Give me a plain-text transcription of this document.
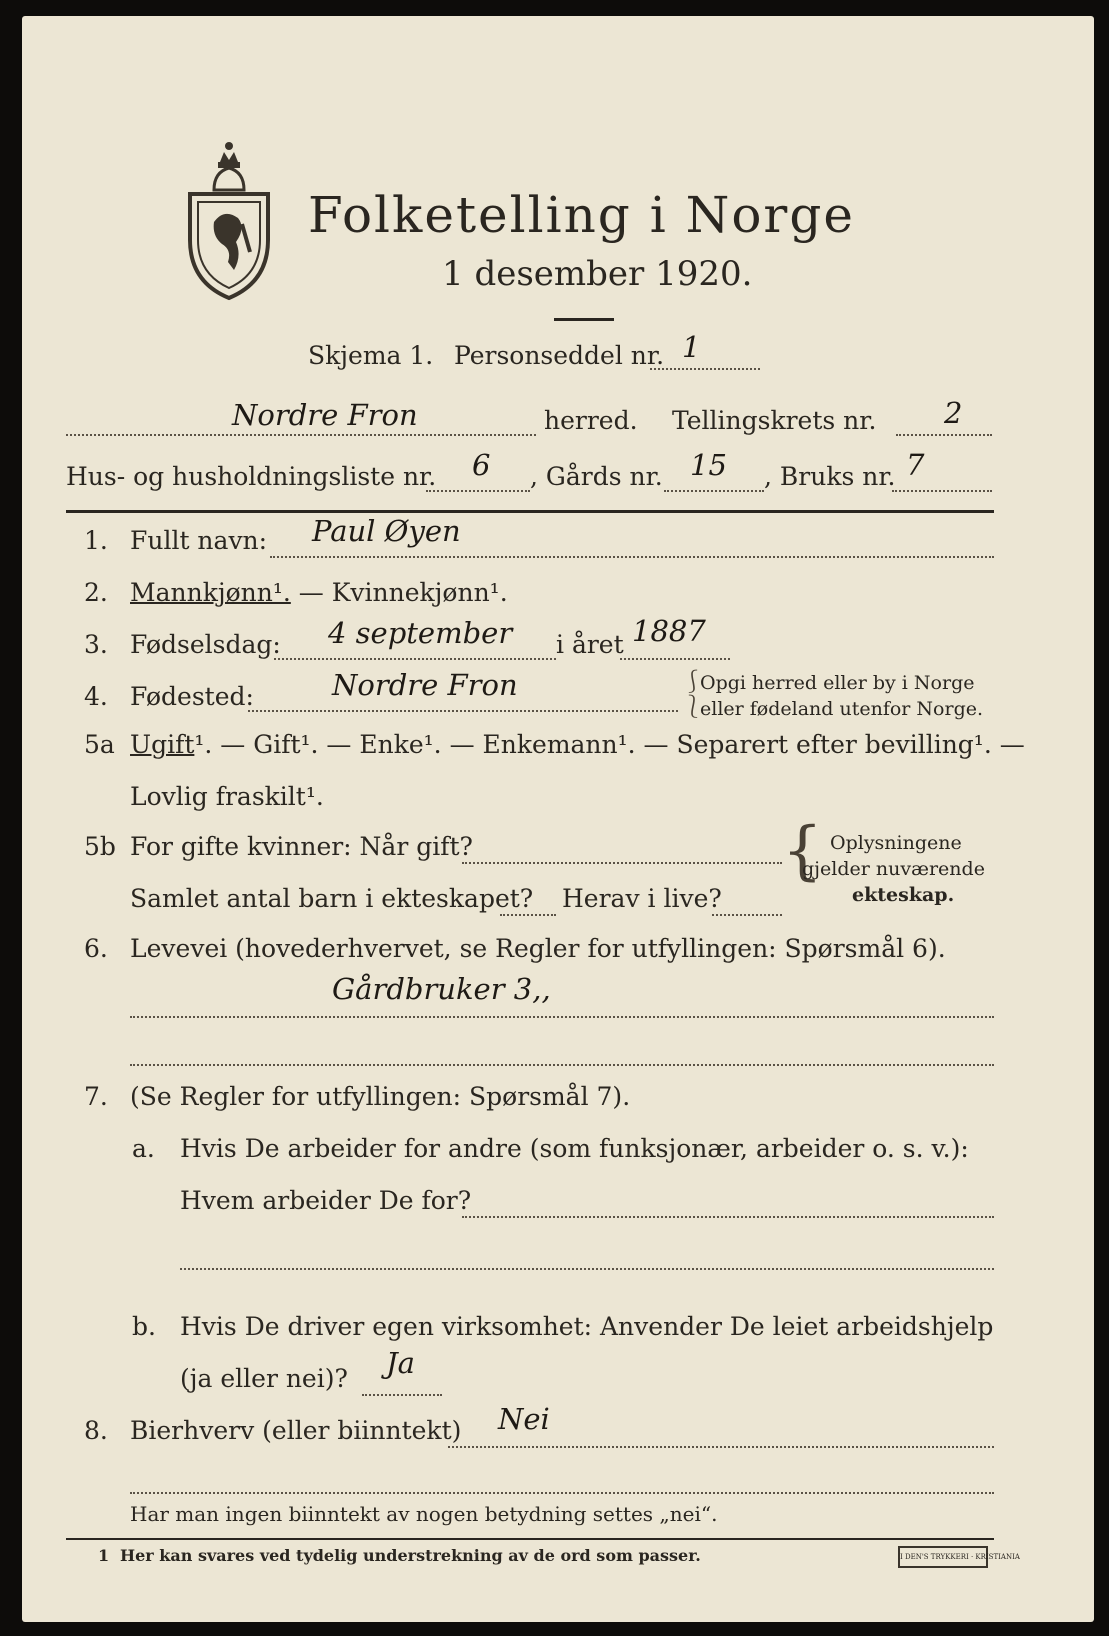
Folketelling i Norge
1 desember 1920.
Skjema 1. Personseddel nr. 1
Nordre Fron	herred. Tellingskrets nr. 2
Hus- og husholdningsliste nr. 6 , Gårds nr. 15 , Bruks nr. 7
1. Fullt navn: Paul Øyen
2. Mannkjønn¹. — Kvinnekjønn¹.
3. Fødselsdag: 4 september i året 1887
4. Fødested:	Nordre Fron	⎰
⎱
Opgi herred eller by i Norge
eller fødeland utenfor Norge.
5a Ugift¹. — Gift¹. — Enke¹. — Enkemann¹. — Separert efter bevilling¹. —
Lovlig fraskilt¹.
5b For gifte kvinner: Når gift?
Samlet antal barn i ekteskapet? Herav i live?
{ Oplysningene
gjelder nuværende
ekteskap.
6. Levevei (hovederhvervet, se Regler for utfyllingen: Spørsmål 6).
Gårdbruker 3,,
7. (Se Regler for utfyllingen: Spørsmål 7).
a. Hvis De arbeider for andre (som funksjonær, arbeider o. s. v.):
Hvem arbeider De for?
b. Hvis De driver egen virksomhet: Anvender De leiet arbeidshjelp
(ja eller nei)? Ja
8. Bierhverv (eller biinntekt) Nei
Har man ingen biinntekt av nogen betydning settes „nei“.
1 Her kan svares ved tydelig understrekning av de ord som passer.	I DEN'S TRYKKERI · KRISTIANIA
